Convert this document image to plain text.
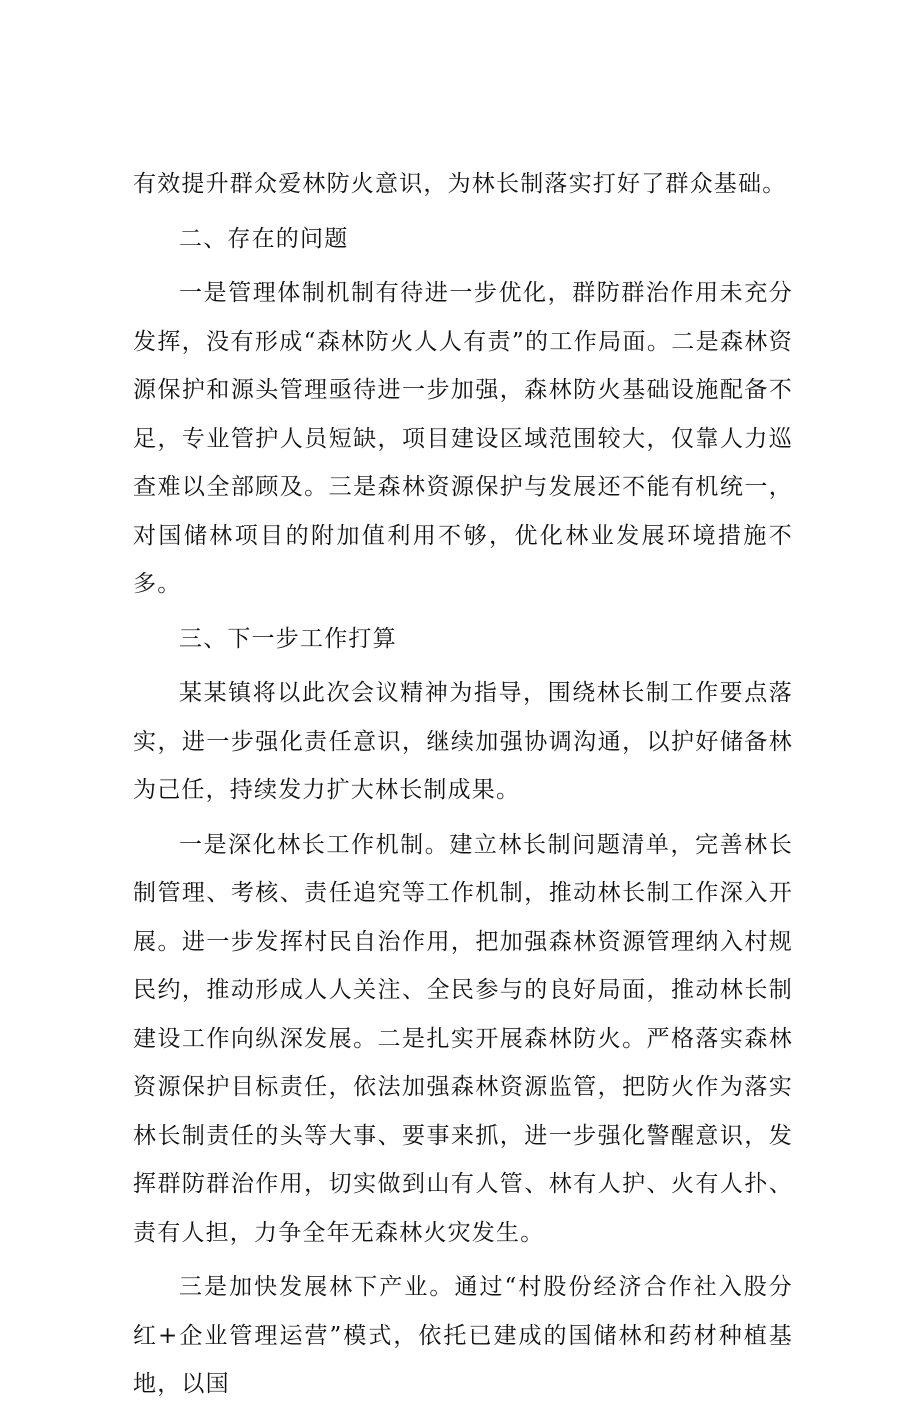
有效提升群众爱林防火意识，为林长制落实打好了群众基础。

二、存在的问题

一是管理体制机制有待进一步优化，群防群治作用未充分发挥，没有形成“森林防火人人有责”的工作局面。二是森林资源保护和源头管理亟待进一步加强，森林防火基础设施配备不足，专业管护人员短缺，项目建设区域范围较大，仅靠人力巡查难以全部顾及。三是森林资源保护与发展还不能有机统一，对国储林项目的附加值利用不够，优化林业发展环境措施不多。

三、下一步工作打算

某某镇将以此次会议精神为指导，围绕林长制工作要点落实，进一步强化责任意识，继续加强协调沟通，以护好储备林为己任，持续发力扩大林长制成果。

一是深化林长工作机制。建立林长制问题清单，完善林长制管理、考核、责任追究等工作机制，推动林长制工作深入开展。进一步发挥村民自治作用，把加强森林资源管理纳入村规民约，推动形成人人关注、全民参与的良好局面，推动林长制建设工作向纵深发展。二是扎实开展森林防火。严格落实森林资源保护目标责任，依法加强森林资源监管，把防火作为落实林长制责任的头等大事、要事来抓，进一步强化警醒意识，发挥群防群治作用，切实做到山有人管、林有人护、火有人扑、责有人担，力争全年无森林火灾发生。

三是加快发展林下产业。通过“村股份经济合作社入股分红+企业管理运营”模式，依托已建成的国储林和药材种植基地，以国
